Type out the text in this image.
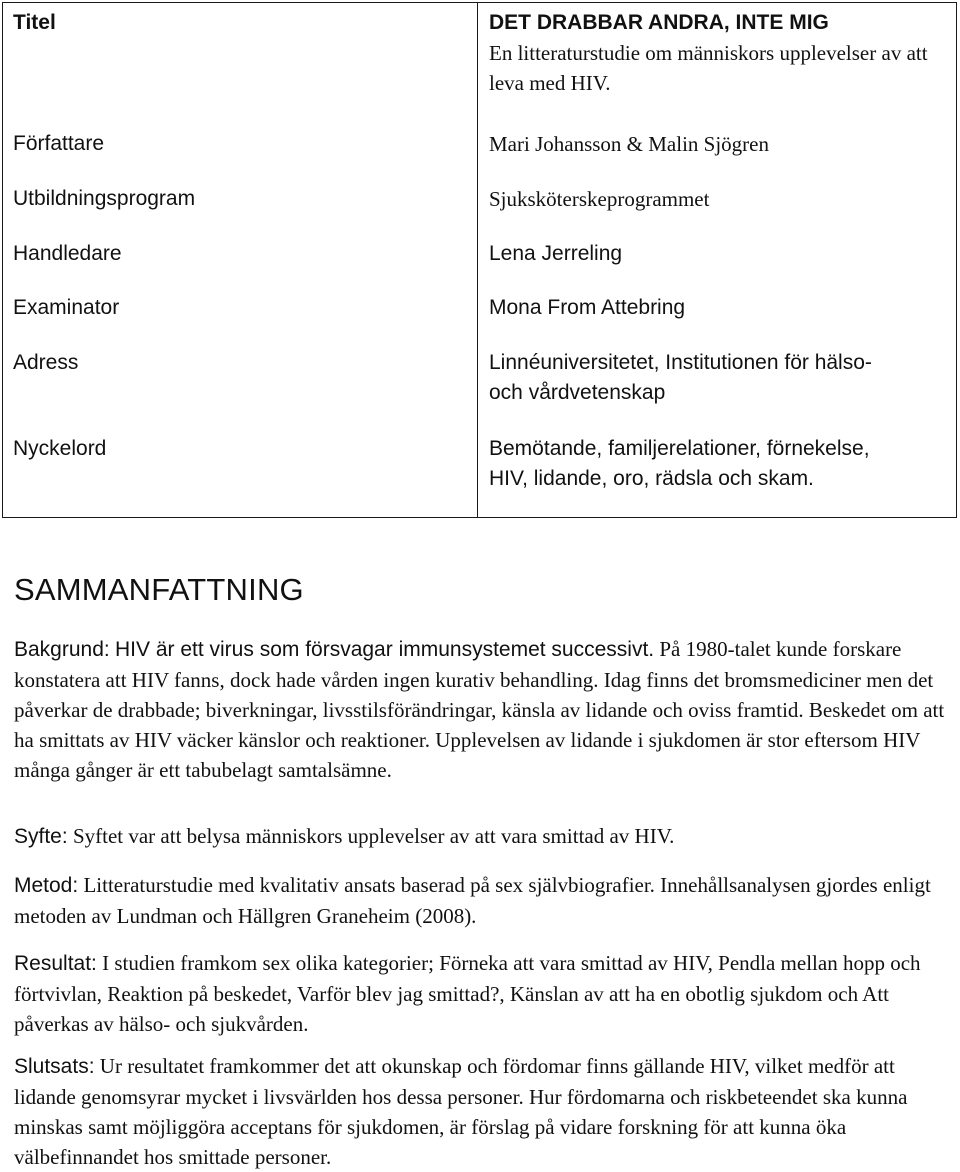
Titel	DET DRABBAR ANDRA, INTE MIG
En litteraturstudie om människors upplevelser av att leva med HIV.
Författare	Mari Johansson & Malin Sjögren
Utbildningsprogram	Sjuksköterskeprogrammet
Handledare	Lena Jerreling
Examinator	Mona From Attebring
Adress	Linnéuniversitetet, Institutionen för hälso- och vårdvetenskap
Nyckelord	Bemötande, familjerelationer, förnekelse, HIV, lidande, oro, rädsla och skam.
SAMMANFATTNING
Bakgrund: HIV är ett virus som försvagar immunsystemet successivt. På 1980-talet kunde forskare konstatera att HIV fanns, dock hade vården ingen kurativ behandling. Idag finns det bromsmediciner men det påverkar de drabbade; biverkningar, livsstilsförändringar, känsla av lidande och oviss framtid. Beskedet om att ha smittats av HIV väcker känslor och reaktioner. Upplevelsen av lidande i sjukdomen är stor eftersom HIV många gånger är ett tabubelagt samtalsämne.
Syfte: Syftet var att belysa människors upplevelser av att vara smittad av HIV.
Metod: Litteraturstudie med kvalitativ ansats baserad på sex självbiografier. Innehållsanalysen gjordes enligt metoden av Lundman och Hällgren Graneheim (2008).
Resultat: I studien framkom sex olika kategorier; Förneka att vara smittad av HIV, Pendla mellan hopp och förtvivlan, Reaktion på beskedet, Varför blev jag smittad?, Känslan av att ha en obotlig sjukdom och Att påverkas av hälso- och sjukvården.
Slutsats: Ur resultatet framkommer det att okunskap och fördomar finns gällande HIV, vilket medför att lidande genomsyrar mycket i livsvärlden hos dessa personer. Hur fördomarna och riskbeteendet ska kunna minskas samt möjliggöra acceptans för sjukdomen, är förslag på vidare forskning för att kunna öka välbefinnandet hos smittade personer.
